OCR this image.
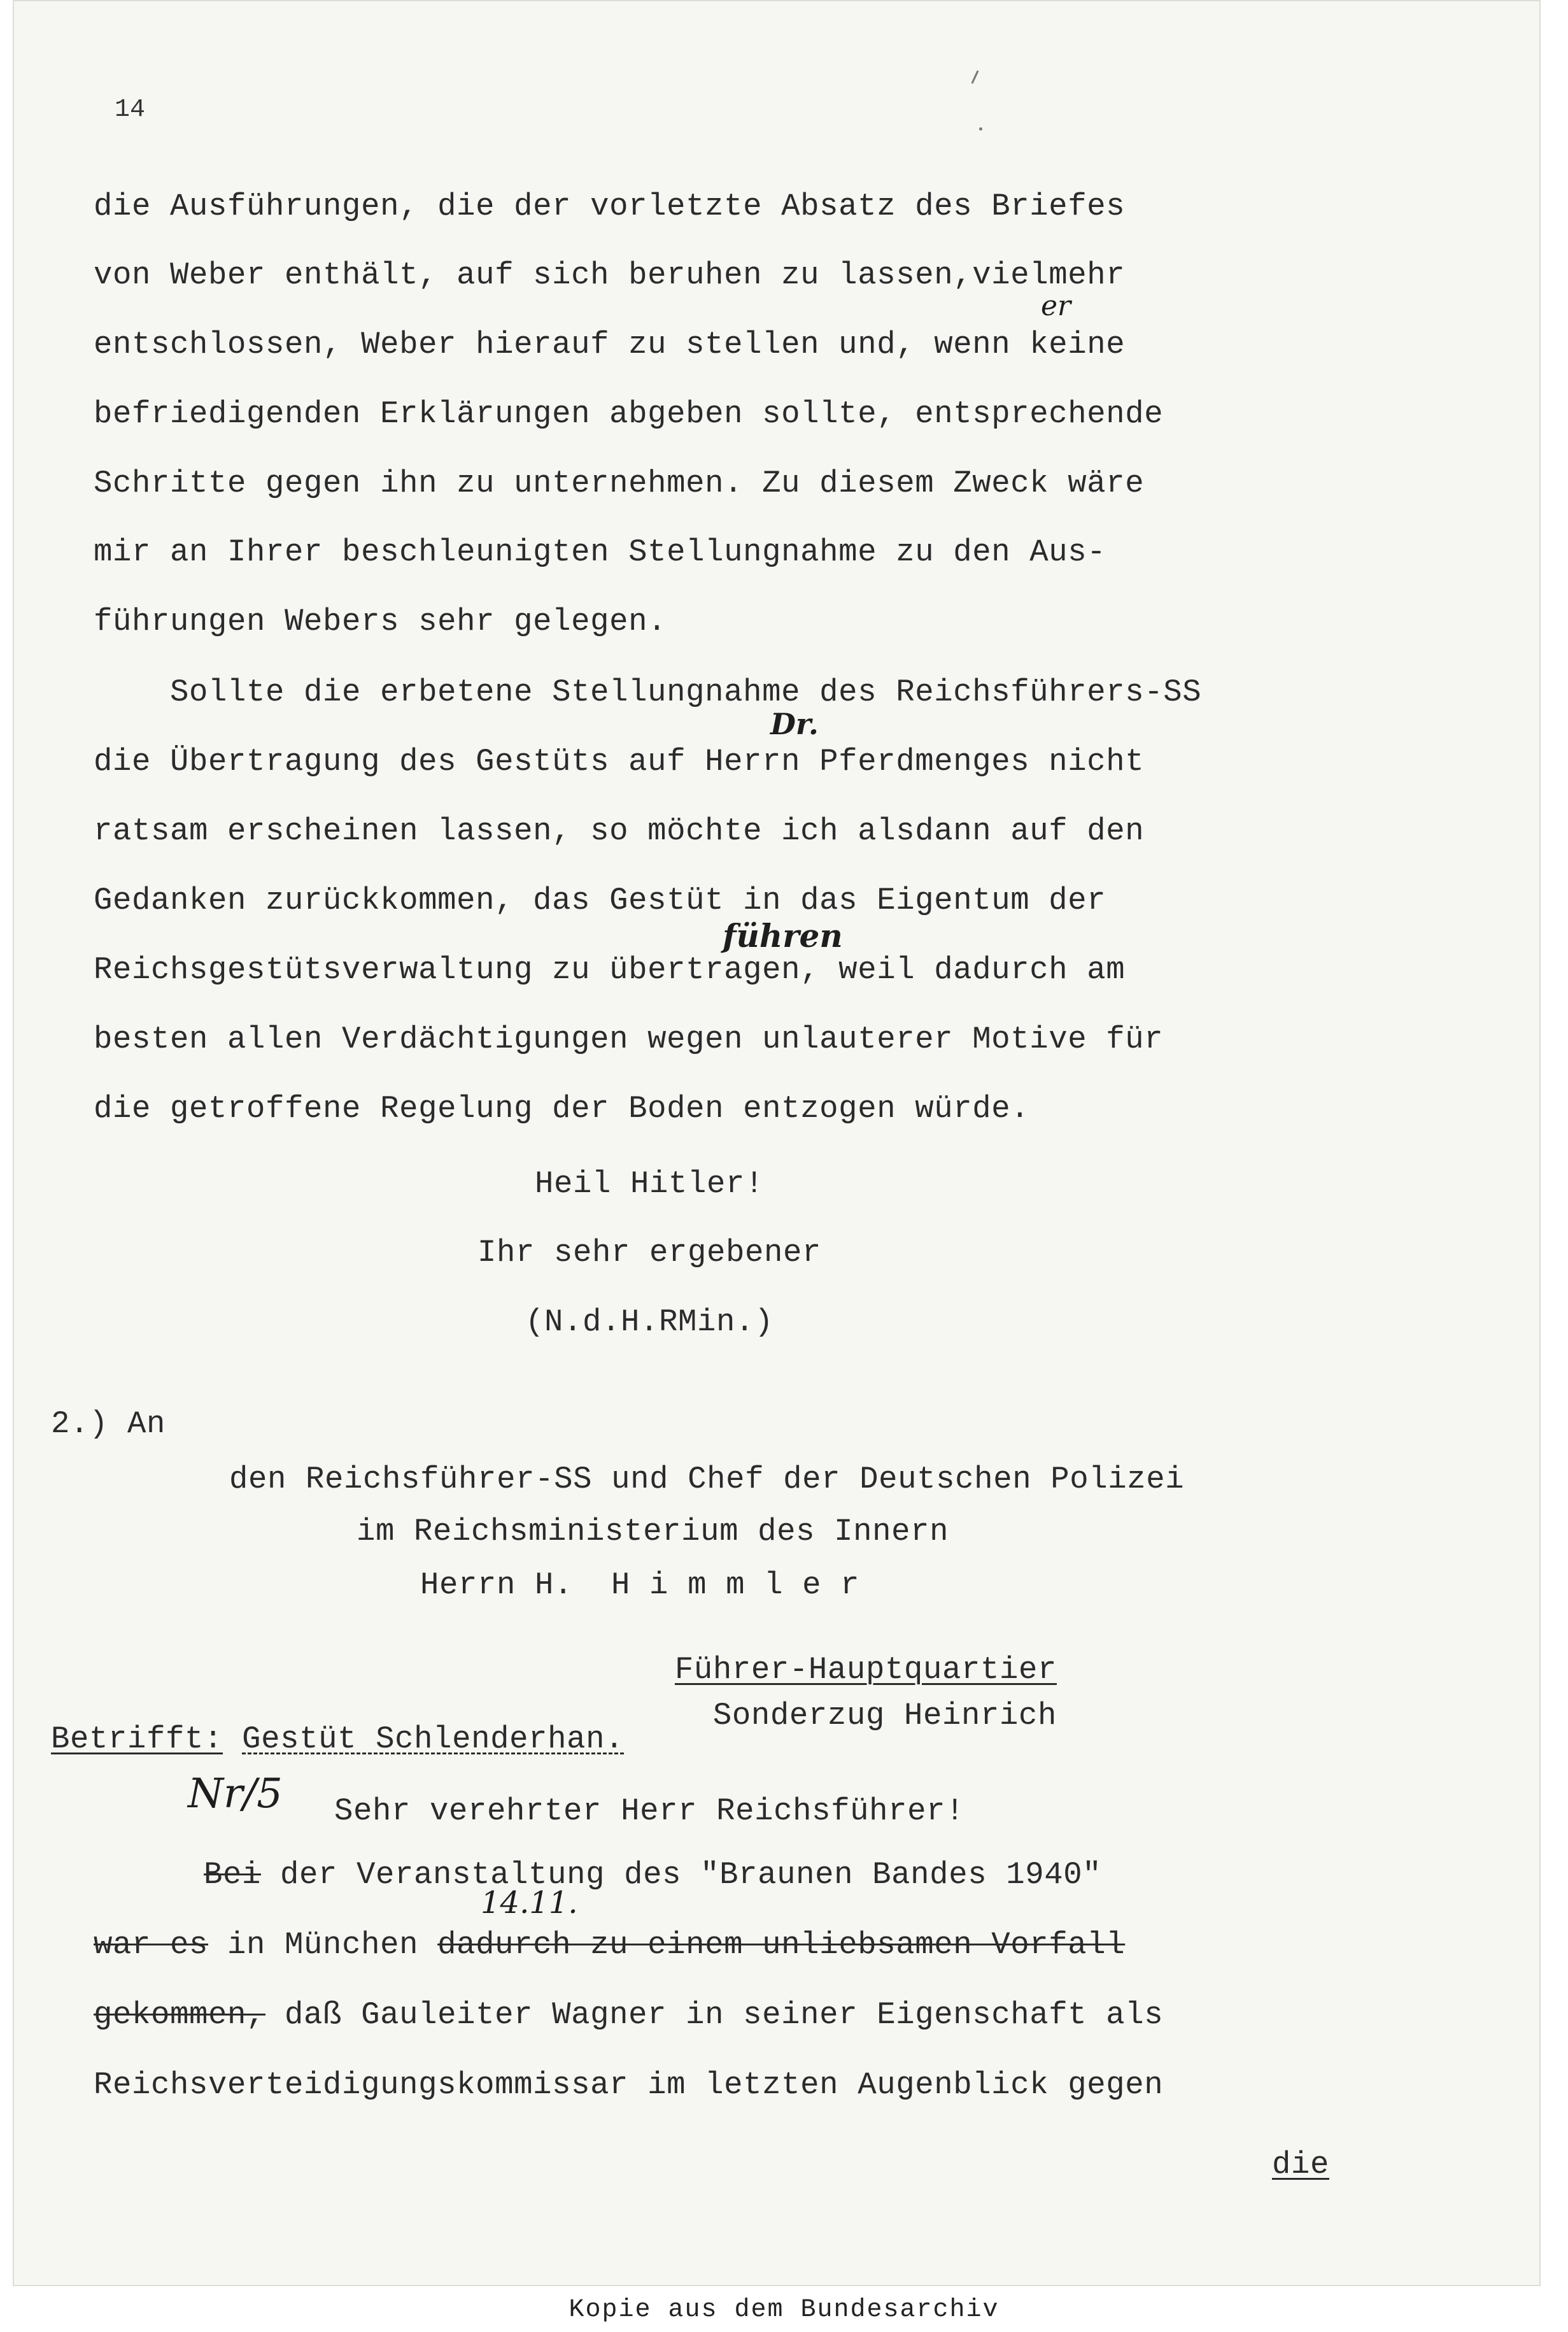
14
die Ausführungen, die der vorletzte Absatz des Briefes
von Weber enthält, auf sich beruhen zu lassen,vielmehr
entschlossen, Weber hierauf zu stellen und, wenn keine
befriedigenden Erklärungen abgeben sollte, entsprechende
Schritte gegen ihn zu unternehmen. Zu diesem Zweck wäre
mir an Ihrer beschleunigten Stellungnahme zu den Aus-
führungen Webers sehr gelegen.
Sollte die erbetene Stellungnahme des Reichsführers-SS
die Übertragung des Gestüts auf Herrn Pferdmenges nicht
ratsam erscheinen lassen, so möchte ich alsdann auf den
Gedanken zurückkommen, das Gestüt in das Eigentum der
Reichsgestütsverwaltung zu übertragen, weil dadurch am
besten allen Verdächtigungen wegen unlauterer Motive für
die getroffene Regelung der Boden entzogen würde.
er
Dr.
führen
Nr/5
14.11.
Heil Hitler!
Ihr sehr ergebener
(N.d.H.RMin.)
2.) An
den Reichsführer-SS und Chef der Deutschen Polizei
im Reichsministerium des Innern
Herrn H.  H i m m l e r
Führer-Hauptquartier
Sonderzug Heinrich
Betrifft: Gestüt Schlenderhan.
Sehr verehrter Herr Reichsführer!
Bei der Veranstaltung des "Braunen Bandes 1940"
war es in München dadurch zu einem unliebsamen Vorfall
gekommen, daß Gauleiter Wagner in seiner Eigenschaft als
Reichsverteidigungskommissar im letzten Augenblick gegen
die
Kopie aus dem Bundesarchiv
